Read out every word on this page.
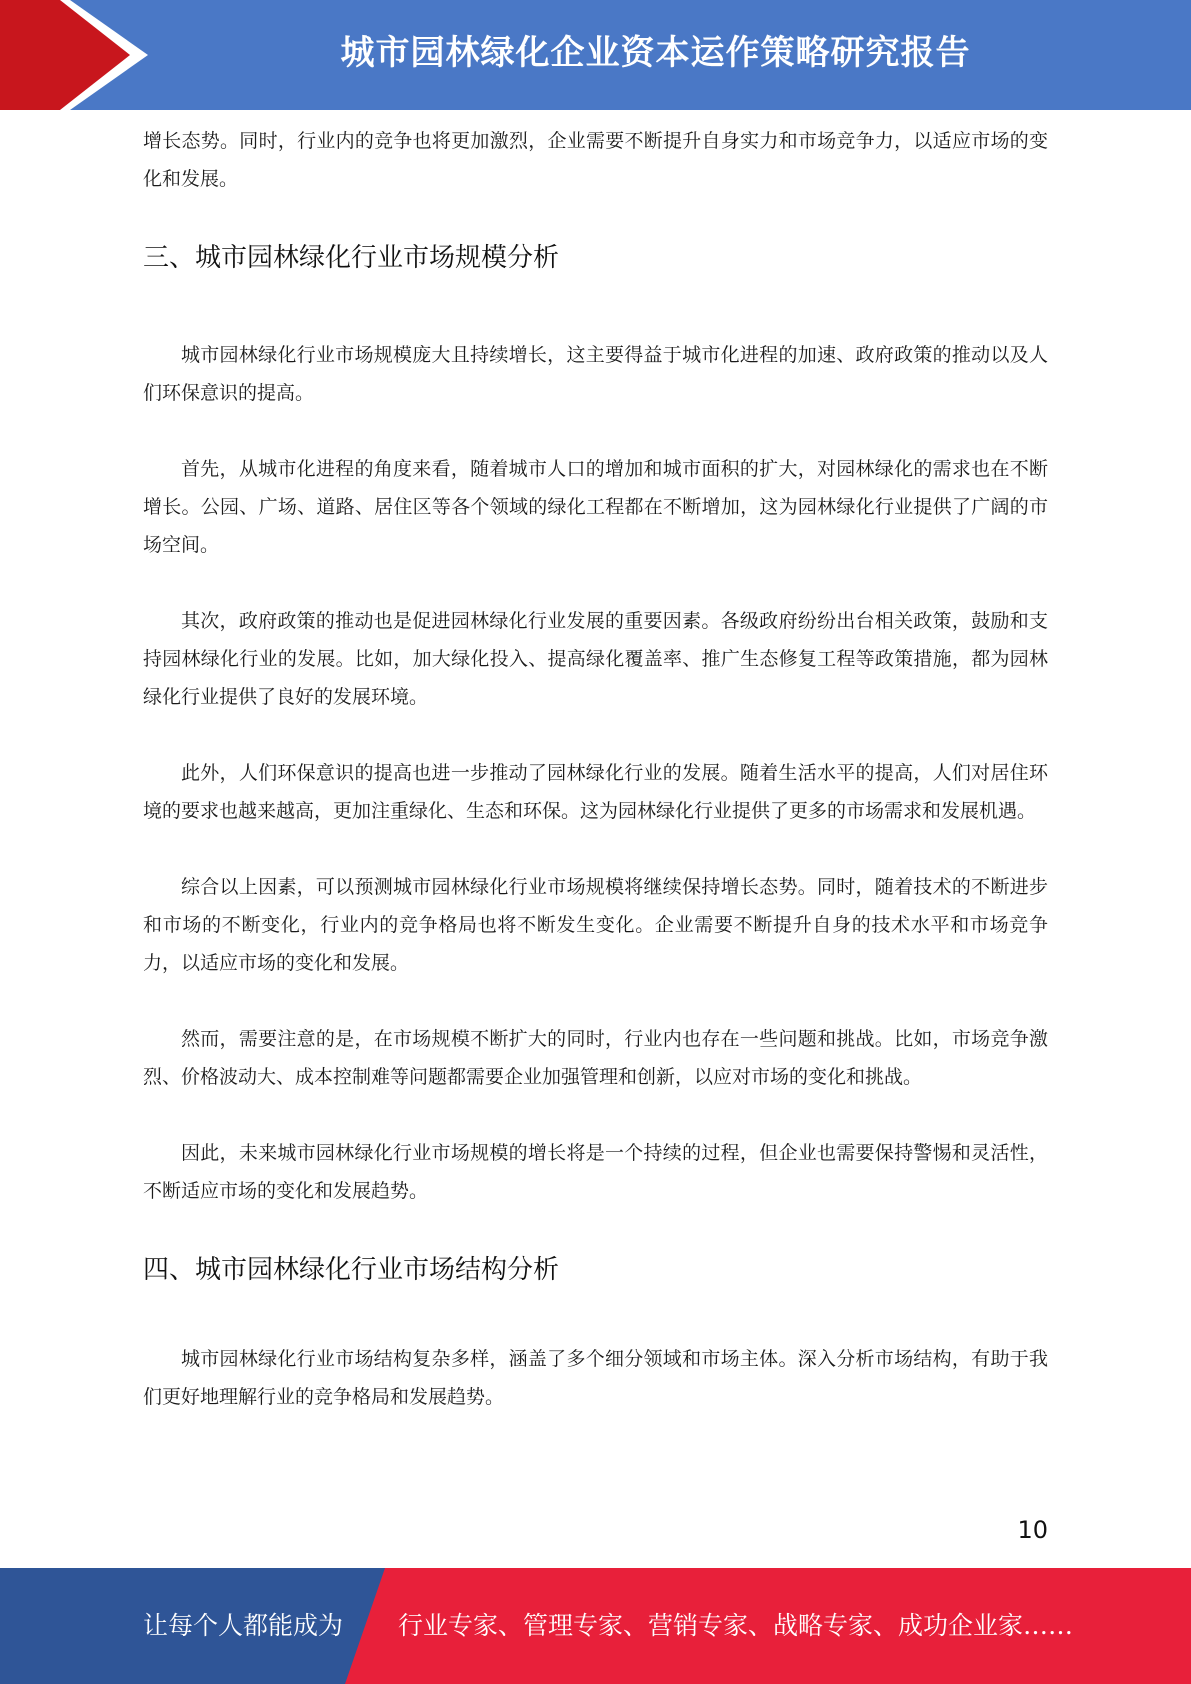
城市园林绿化企业资本运作策略研究报告

增长态势。同时，行业内的竞争也将更加激烈，企业需要不断提升自身实力和市场竞争力，以适应市场的变化和发展。

三、城市园林绿化行业市场规模分析

城市园林绿化行业市场规模庞大且持续增长，这主要得益于城市化进程的加速、政府政策的推动以及人们环保意识的提高。

首先，从城市化进程的角度来看，随着城市人口的增加和城市面积的扩大，对园林绿化的需求也在不断增长。公园、广场、道路、居住区等各个领域的绿化工程都在不断增加，这为园林绿化行业提供了广阔的市场空间。

其次，政府政策的推动也是促进园林绿化行业发展的重要因素。各级政府纷纷出台相关政策，鼓励和支持园林绿化行业的发展。比如，加大绿化投入、提高绿化覆盖率、推广生态修复工程等政策措施，都为园林绿化行业提供了良好的发展环境。

此外，人们环保意识的提高也进一步推动了园林绿化行业的发展。随着生活水平的提高，人们对居住环境的要求也越来越高，更加注重绿化、生态和环保。这为园林绿化行业提供了更多的市场需求和发展机遇。

综合以上因素，可以预测城市园林绿化行业市场规模将继续保持增长态势。同时，随着技术的不断进步和市场的不断变化，行业内的竞争格局也将不断发生变化。企业需要不断提升自身的技术水平和市场竞争力，以适应市场的变化和发展。

然而，需要注意的是，在市场规模不断扩大的同时，行业内也存在一些问题和挑战。比如，市场竞争激烈、价格波动大、成本控制难等问题都需要企业加强管理和创新，以应对市场的变化和挑战。

因此，未来城市园林绿化行业市场规模的增长将是一个持续的过程，但企业也需要保持警惕和灵活性，不断适应市场的变化和发展趋势。

四、城市园林绿化行业市场结构分析

城市园林绿化行业市场结构复杂多样，涵盖了多个细分领域和市场主体。深入分析市场结构，有助于我们更好地理解行业的竞争格局和发展趋势。

10
让每个人都能成为 行业专家、管理专家、营销专家、战略专家、成功企业家……
